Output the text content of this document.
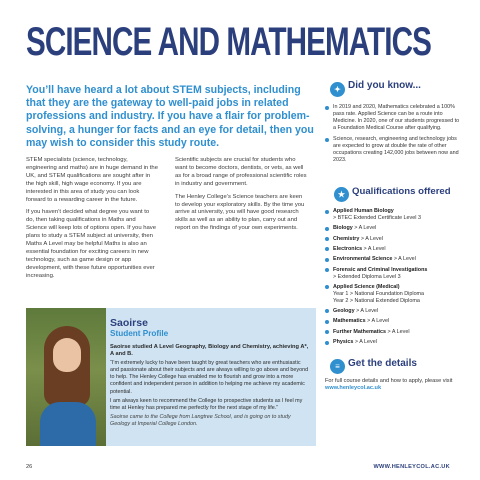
SCIENCE AND MATHEMATICS

You’ll have heard a lot about STEM subjects, including that they are the gateway to well-paid jobs in related professions and industry. If you have a flair for problem-solving, a hunger for facts and an eye for detail, then you may wish to consider this study route.

STEM specialists (science, technology, engineering and maths) are in huge demand in the UK, and STEM qualifications are sought after in the high skill, high wage economy. If you are interested in this area of study you can look forward to a rewarding career in the future.

If you haven’t decided what degree you want to do, then taking qualifications in Maths and Science will keep lots of options open. If you have plans to study a STEM subject at university, then Maths A Level may be helpful Maths is also an essential foundation for exciting careers in new technology, such as game design or app development, with these future opportunities ever increasing.

Scientific subjects are crucial for students who want to become doctors, dentists, or vets, as well as for a broad range of professional scientific roles in industry and government.

The Henley College’s Science teachers are keen to develop your exploratory skills. By the time you arrive at university, you will have good research skills as well as an ability to plan, carry out and report on the findings of your own experiments.

Saoirse
Student Profile

Saoirse studied A Level Geography, Biology and Chemistry, achieving A*, A and B.

“I’m extremely lucky to have been taught by great teachers who are enthusiastic and passionate about their subjects and are always willing to go above and beyond to help. The Henley College has enabled me to flourish and grow into a more confident and independent person in addition to helping me achieve my academic potential.

I am always keen to recommend the College to prospective students as I feel my time at Henley has prepared me perfectly for the next stage of my life.”

Saoirse came to the College from Langtree School, and is going on to study Geology at Imperial College London.

✦ Did you know...
In 2019 and 2020, Mathematics celebrated a 100% pass rate. Applied Science can be a route into Medicine. In 2020, one of our students progressed to a Foundation Medical Course after qualifying.
Science, research, engineering and technology jobs are expected to grow at double the rate of other occupations creating 142,000 jobs between now and 2023.
★ Qualifications offered
Applied Human Biology
> BTEC Extended Certificate Level 3
Biology > A Level
Chemistry > A Level
Electronics > A Level
Environmental Science > A Level
Forensic and Criminal Investigations
> Extended Diploma Level 3
Applied Science (Medical)
Year 1 > National Foundation Diploma
Year 2 > National Extended Diploma
Geology > A Level
Mathematics > A Level
Further Mathematics > A Level
Physics > A Level
≡ Get the details

For full course details and how to apply, please visit www.henleycol.ac.uk

26	WWW.HENLEYCOL.AC.UK
